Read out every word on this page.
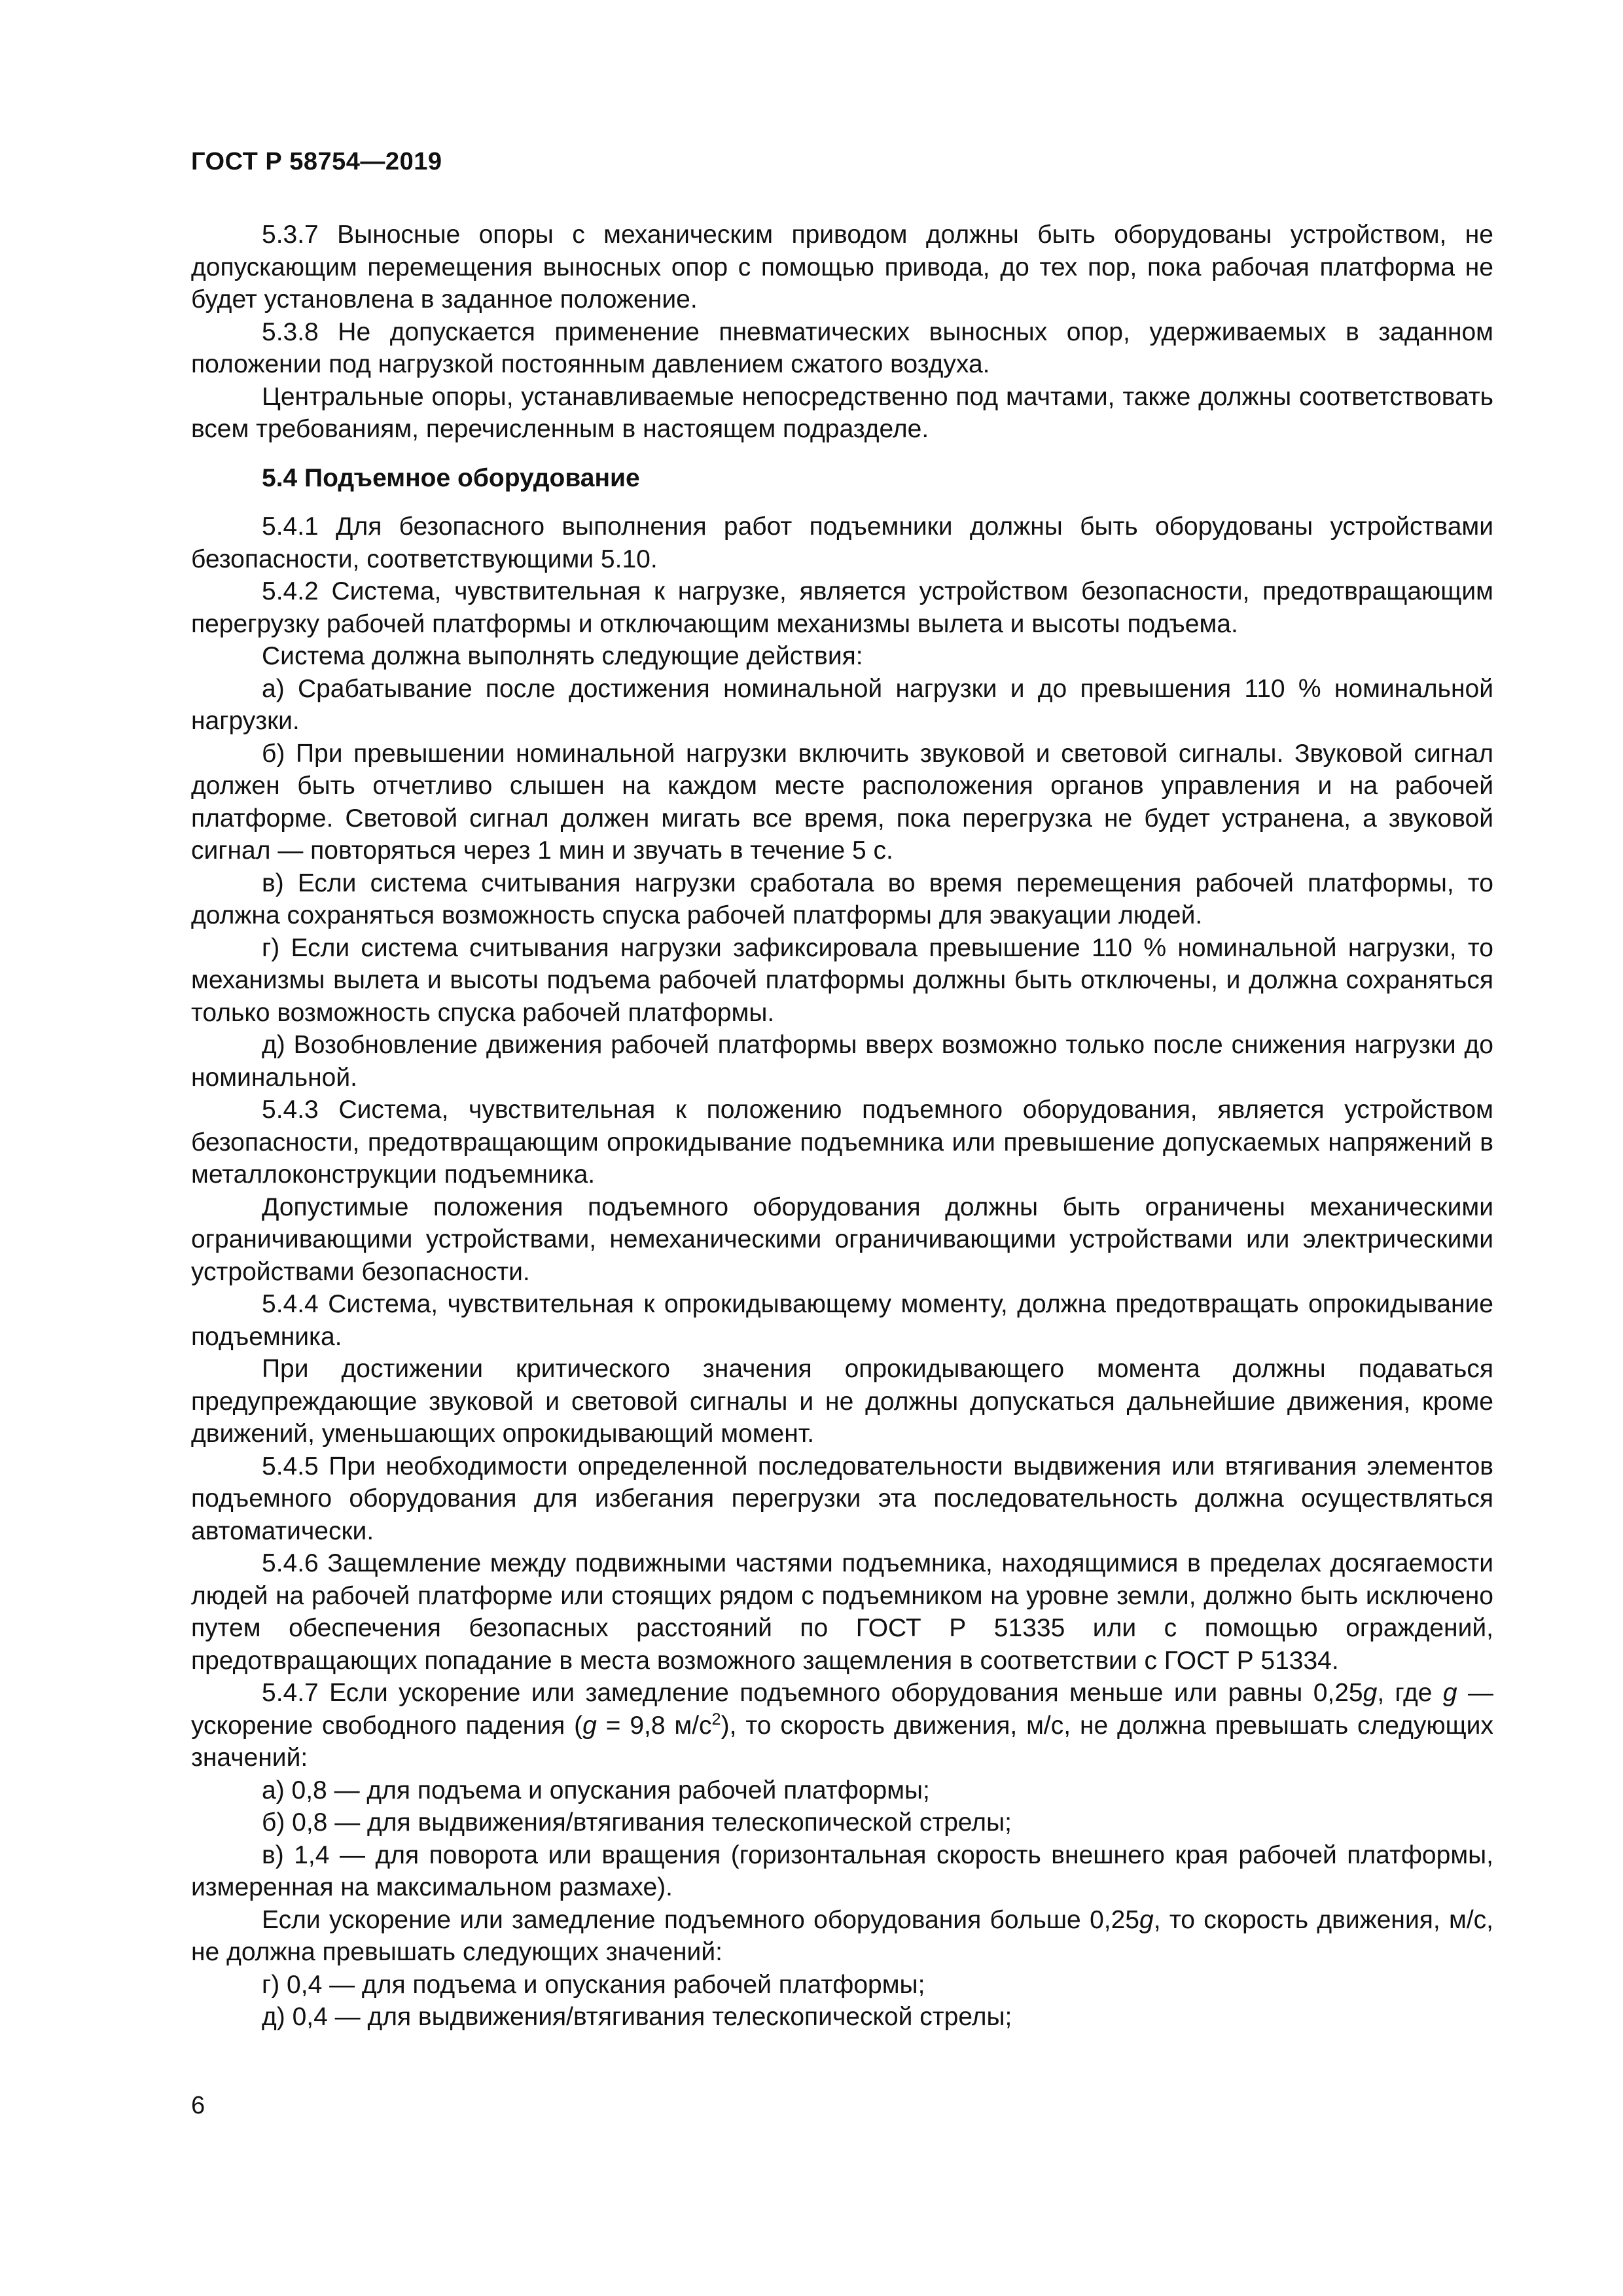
ГОСТ Р 58754—2019

5.3.7 Выносные опоры с механическим приводом должны быть оборудованы устройством, не допускающим перемещения выносных опор с помощью привода, до тех пор, пока рабочая платформа не будет установлена в заданное положение.

5.3.8 Не допускается применение пневматических выносных опор, удерживаемых в заданном положении под нагрузкой постоянным давлением сжатого воздуха.

Центральные опоры, устанавливаемые непосредственно под мачтами, также должны соответствовать всем требованиям, перечисленным в настоящем подразделе.

5.4 Подъемное оборудование

5.4.1 Для безопасного выполнения работ подъемники должны быть оборудованы устройствами безопасности, соответствующими 5.10.

5.4.2 Система, чувствительная к нагрузке, является устройством безопасности, предотвращающим перегрузку рабочей платформы и отключающим механизмы вылета и высоты подъема.

Система должна выполнять следующие действия:

а) Срабатывание после достижения номинальной нагрузки и до превышения 110 % номинальной нагрузки.

б) При превышении номинальной нагрузки включить звуковой и световой сигналы. Звуковой сигнал должен быть отчетливо слышен на каждом месте расположения органов управления и на рабочей платформе. Световой сигнал должен мигать все время, пока перегрузка не будет устранена, а звуковой сигнал — повторяться через 1 мин и звучать в течение 5 с.

в) Если система считывания нагрузки сработала во время перемещения рабочей платформы, то должна сохраняться возможность спуска рабочей платформы для эвакуации людей.

г) Если система считывания нагрузки зафиксировала превышение 110 % номинальной нагрузки, то механизмы вылета и высоты подъема рабочей платформы должны быть отключены, и должна сохраняться только возможность спуска рабочей платформы.

д) Возобновление движения рабочей платформы вверх возможно только после снижения нагрузки до номинальной.

5.4.3 Система, чувствительная к положению подъемного оборудования, является устройством безопасности, предотвращающим опрокидывание подъемника или превышение допускаемых напряжений в металлоконструкции подъемника.

Допустимые положения подъемного оборудования должны быть ограничены механическими ограничивающими устройствами, немеханическими ограничивающими устройствами или электрическими устройствами безопасности.

5.4.4 Система, чувствительная к опрокидывающему моменту, должна предотвращать опрокидывание подъемника.

При достижении критического значения опрокидывающего момента должны подаваться предупреждающие звуковой и световой сигналы и не должны допускаться дальнейшие движения, кроме движений, уменьшающих опрокидывающий момент.

5.4.5 При необходимости определенной последовательности выдвижения или втягивания элементов подъемного оборудования для избегания перегрузки эта последовательность должна осуществляться автоматически.

5.4.6 Защемление между подвижными частями подъемника, находящимися в пределах досягаемости людей на рабочей платформе или стоящих рядом с подъемником на уровне земли, должно быть исключено путем обеспечения безопасных расстояний по ГОСТ Р 51335 или с помощью ограждений, предотвращающих попадание в места возможного защемления в соответствии с ГОСТ Р 51334.

5.4.7 Если ускорение или замедление подъемного оборудования меньше или равны 0,25g, где g — ускорение свободного падения (g = 9,8 $м/с^2$), то скорость движения, м/с, не должна превышать следующих значений:

а) 0,8 — для подъема и опускания рабочей платформы;

б) 0,8 — для выдвижения/втягивания телескопической стрелы;

в) 1,4 — для поворота или вращения (горизонтальная скорость внешнего края рабочей платформы, измеренная на максимальном размахе).

Если ускорение или замедление подъемного оборудования больше 0,25g, то скорость движения, м/с, не должна превышать следующих значений:

г) 0,4 — для подъема и опускания рабочей платформы;

д) 0,4 — для выдвижения/втягивания телескопической стрелы;

6
